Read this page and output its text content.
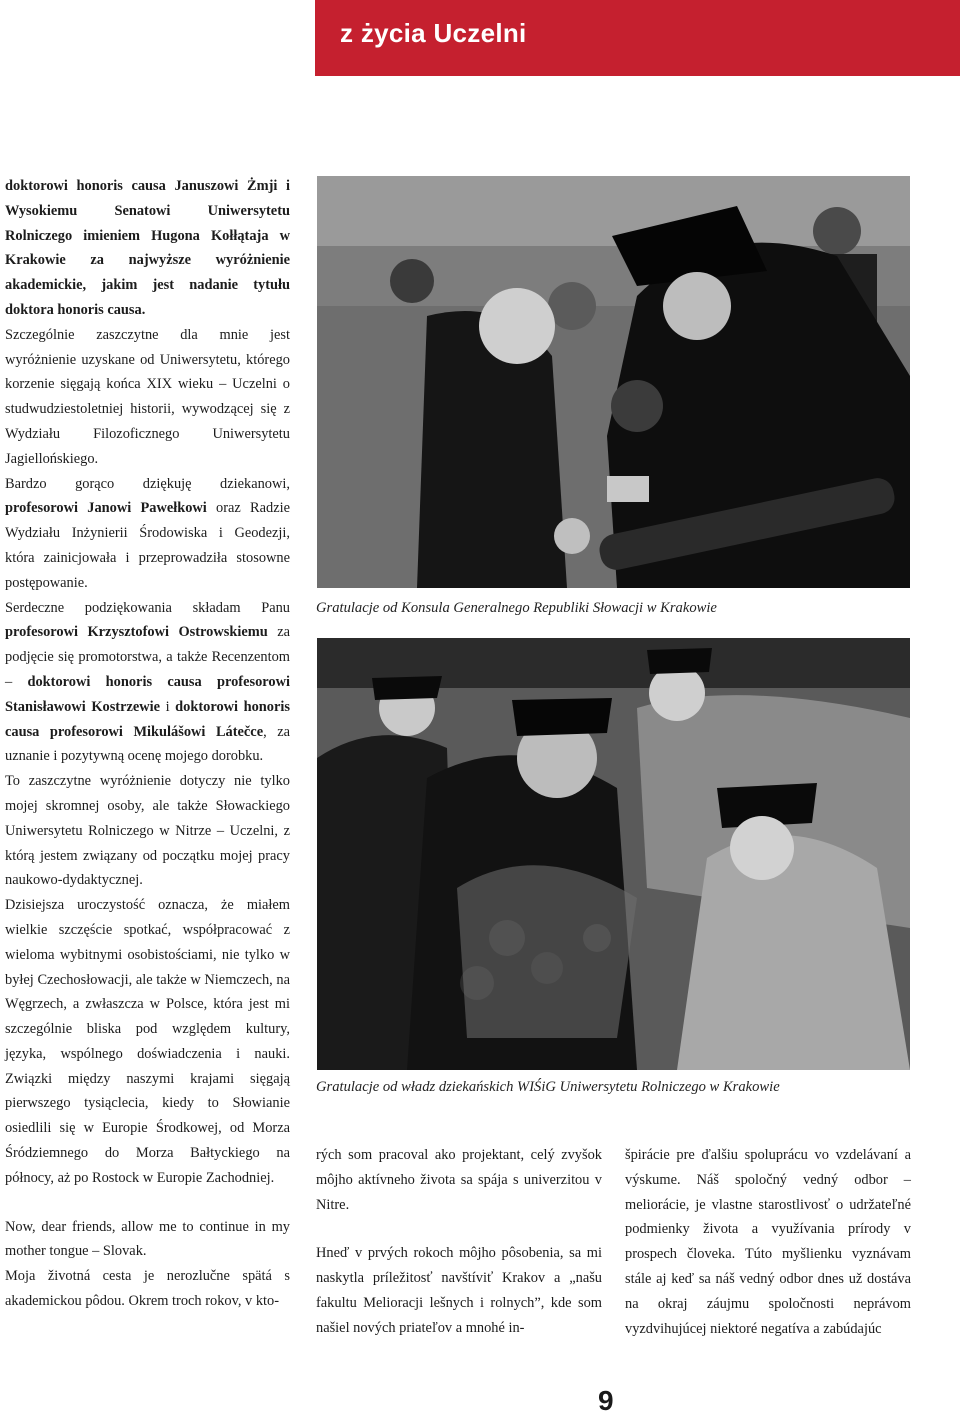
z życia Uczelni

doktorowi honoris causa Januszowi Żmji i Wysokiemu Senatowi Uniwersytetu Rolniczego imieniem Hugona Kołłątaja w Krakowie za najwyższe wyróżnienie akademickie, jakim jest nadanie tytułu doktora honoris causa.

Szczególnie zaszczytne dla mnie jest wyróżnienie uzyskane od Uniwersytetu, którego korzenie sięgają końca XIX wieku – Uczelni o studwudziestoletniej historii, wywodzącej się z Wydziału Filozoficznego Uniwersytetu Jagiellońskiego.

Bardzo gorąco dziękuję dziekanowi, profesorowi Janowi Pawełkowi oraz Radzie Wydziału Inżynierii Środowiska i Geodezji, która zainicjowała i przeprowadziła stosowne postępowanie.

Serdeczne podziękowania składam Panu profesorowi Krzysztofowi Ostrowskiemu za podjęcie się promotorstwa, a także Recenzentom – doktorowi honoris causa profesorowi Stanisławowi Kostrzewie i doktorowi honoris causa profesorowi Mikulášowi Látečce, za uznanie i pozytywną ocenę mojego dorobku.

To zaszczytne wyróżnienie dotyczy nie tylko mojej skromnej osoby, ale także Słowackiego Uniwersytetu Rolniczego w Nitrze – Uczelni, z którą jestem związany od początku mojej pracy naukowo-dydaktycznej.

Dzisiejsza uroczystość oznacza, że miałem wielkie szczęście spotkać, współpracować z wieloma wybitnymi osobistościami, nie tylko w byłej Czechosłowacji, ale także w Niemczech, na Węgrzech, a zwłaszcza w Polsce, która jest mi szczególnie bliska pod względem kultury, języka, wspólnego doświadczenia i nauki. Związki między naszymi krajami sięgają pierwszego tysiąclecia, kiedy to Słowianie osiedlili się w Europie Środkowej, od Morza Śródziemnego do Morza Bałtyckiego na północy, aż po Rostock w Europie Zachodniej.

Now, dear friends, allow me to continue in my mother tongue – Slovak.

Moja životná cesta je nerozlučne spätá s akademickou pôdou. Okrem troch rokov, v kto-

Gratulacje od Konsula Generalnego Republiki Słowacji w Krakowie
Gratulacje od władz dziekańskich WIŚiG Uniwersytetu Rolniczego w Krakowie

rých som pracoval ako projektant, celý zvyšok môjho aktívneho života sa spája s univerzitou v Nitre.

Hneď v prvých rokoch môjho pôsobenia, sa mi naskytla príležitosť navštíviť Krakov a „našu fakultu Melioracji lešnych i rolnych”, kde som našiel nových priateľov a mnohé in-

špirácie pre ďalšiu spoluprácu vo vzdelávaní a výskume. Náš spoločný vedný odbor – meliorácie, je vlastne starostlivosť o udržateľné podmienky života a využívania prírody v prospech človeka. Túto myšlienku vyznávam stále aj keď sa náš vedný odbor dnes už dostáva na okraj záujmu spoločnosti neprávom vyzdvihujúcej niektoré negatíva a zabúdajúc

9
